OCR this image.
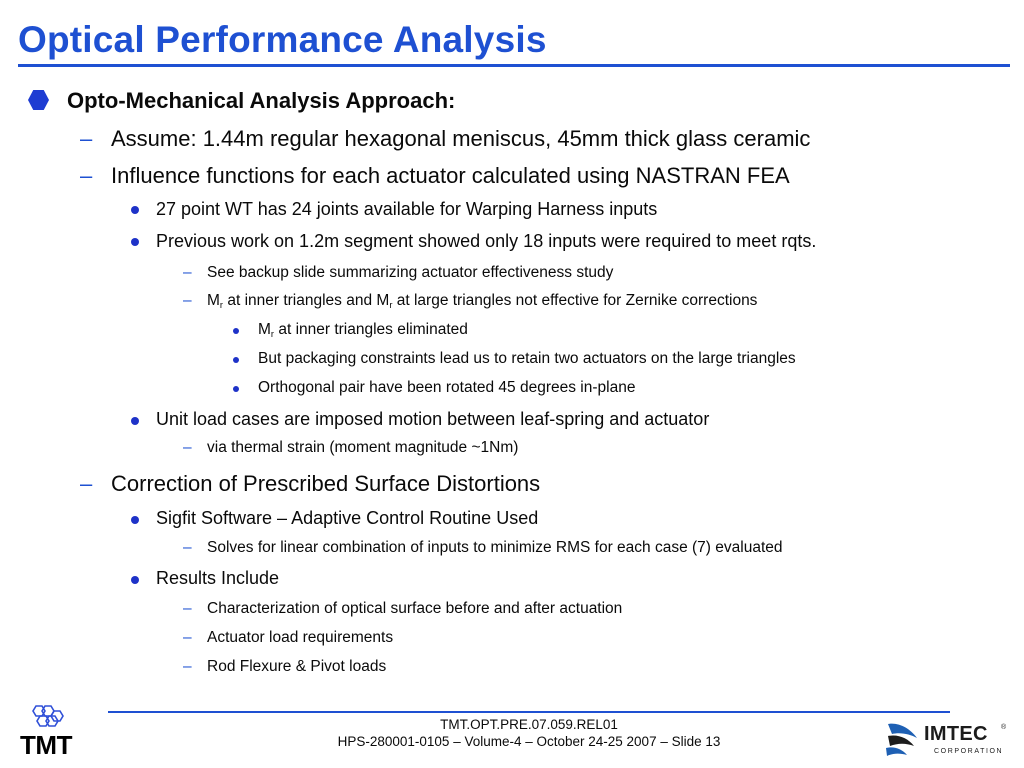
Optical Performance Analysis
Opto-Mechanical Analysis Approach:
– Assume: 1.44m regular hexagonal meniscus, 45mm thick glass ceramic
– Influence functions for each actuator calculated using NASTRAN FEA
27 point WT has 24 joints available for Warping Harness inputs
Previous work on 1.2m segment showed only 18 inputs were required to meet rqts.
– See backup slide summarizing actuator effectiveness study
– $M_r$ at inner triangles and $M_r$ at large triangles not effective for Zernike corrections
$M_r$ at inner triangles eliminated
But packaging constraints lead us to retain two actuators on the large triangles
Orthogonal pair have been rotated 45 degrees in-plane
Unit load cases are imposed motion between leaf-spring and actuator
– via thermal strain (moment magnitude ~1Nm)
– Correction of Prescribed Surface Distortions
Sigfit Software – Adaptive Control Routine Used
– Solves for linear combination of inputs to minimize RMS for each case (7) evaluated
Results Include
– Characterization of optical surface before and after actuation
– Actuator load requirements
– Rod Flexure & Pivot loads
TMT.OPT.PRE.07.059.REL01
HPS-280001-0105 – Volume-4 – October 24-25 2007 – Slide 13
TMT	IMTEC ®
CORPORATION
